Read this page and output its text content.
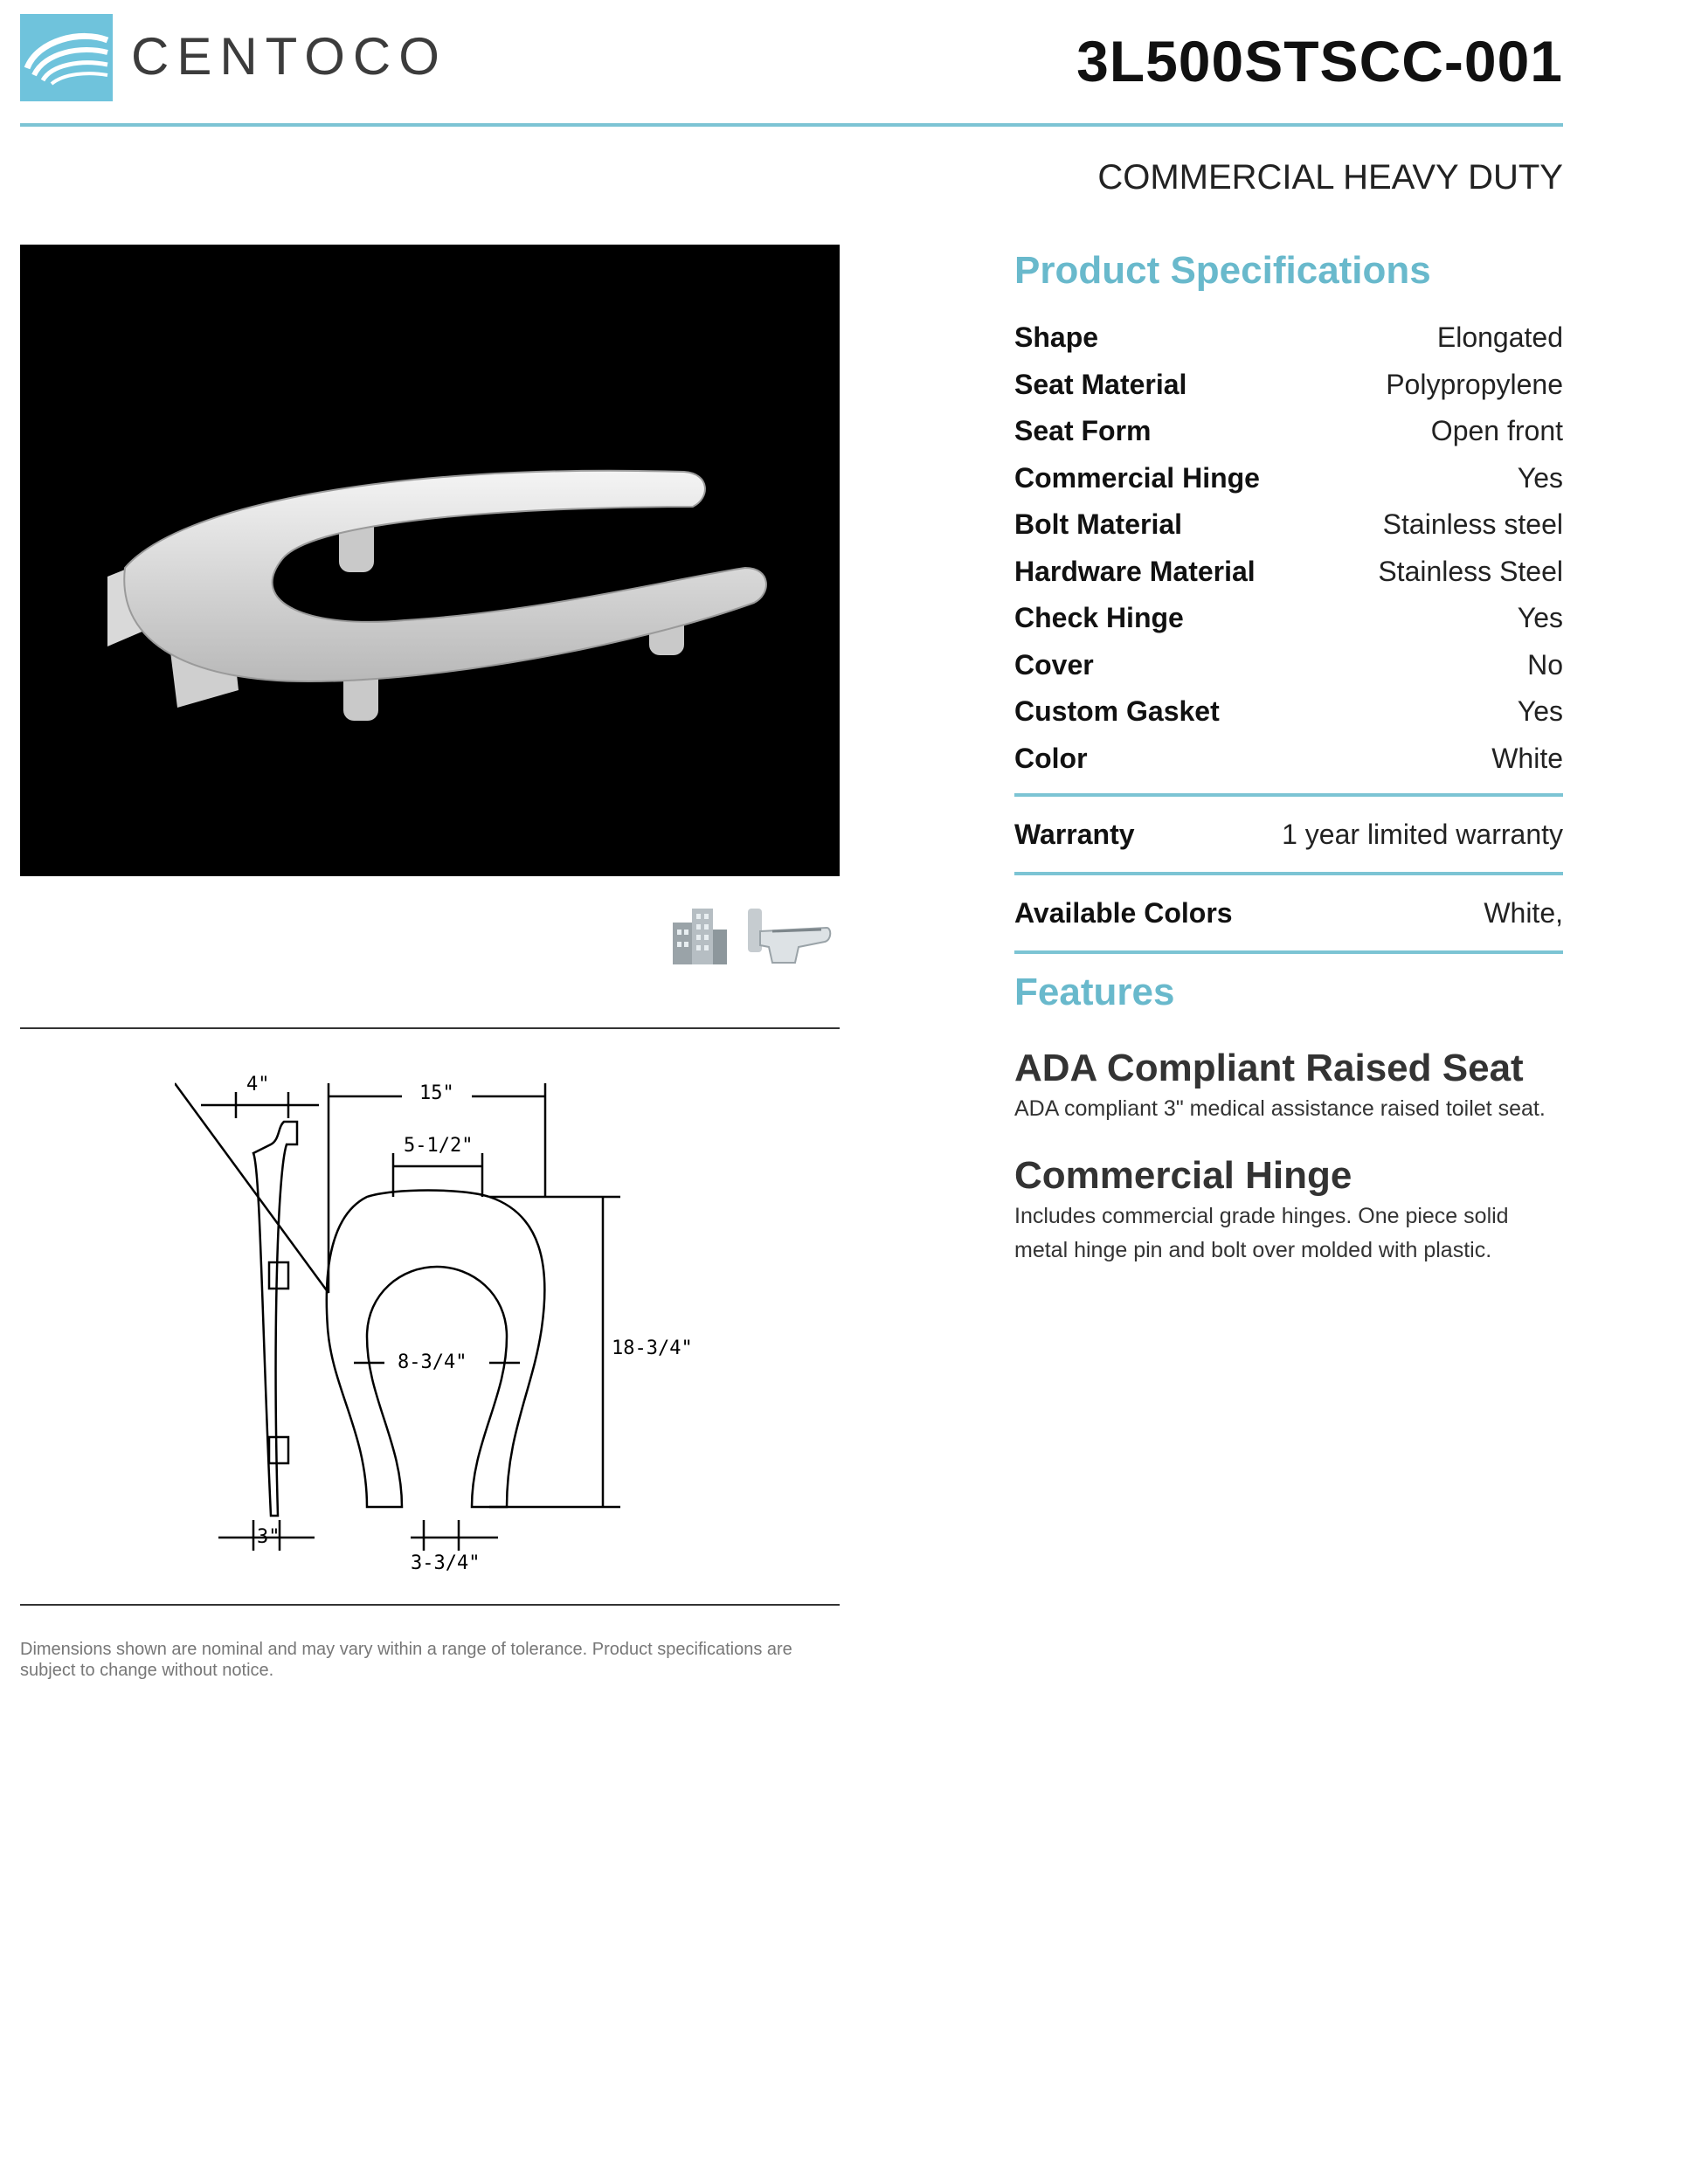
CENTOCO	3L500STSCC-001
COMMERCIAL HEAVY DUTY
4"	15"
5-1/2"
8-3/4"
18-3/4"
3"
3-3/4"
Dimensions shown are nominal and may vary within a range of tolerance. Product specifications are subject to change without notice.
Product Specifications
Shape	Elongated
Seat Material	Polypropylene
Seat Form	Open front
Commercial Hinge	Yes
Bolt Material	Stainless steel
Hardware Material	Stainless Steel
Check Hinge	Yes
Cover	No
Custom Gasket	Yes
Color	White
Warranty	1 year limited warranty
Available Colors	White,
Features
ADA Compliant Raised Seat
ADA compliant 3" medical assistance raised toilet seat.
Commercial Hinge
Includes commercial grade hinges. One piece solid metal hinge pin and bolt over molded with plastic.
